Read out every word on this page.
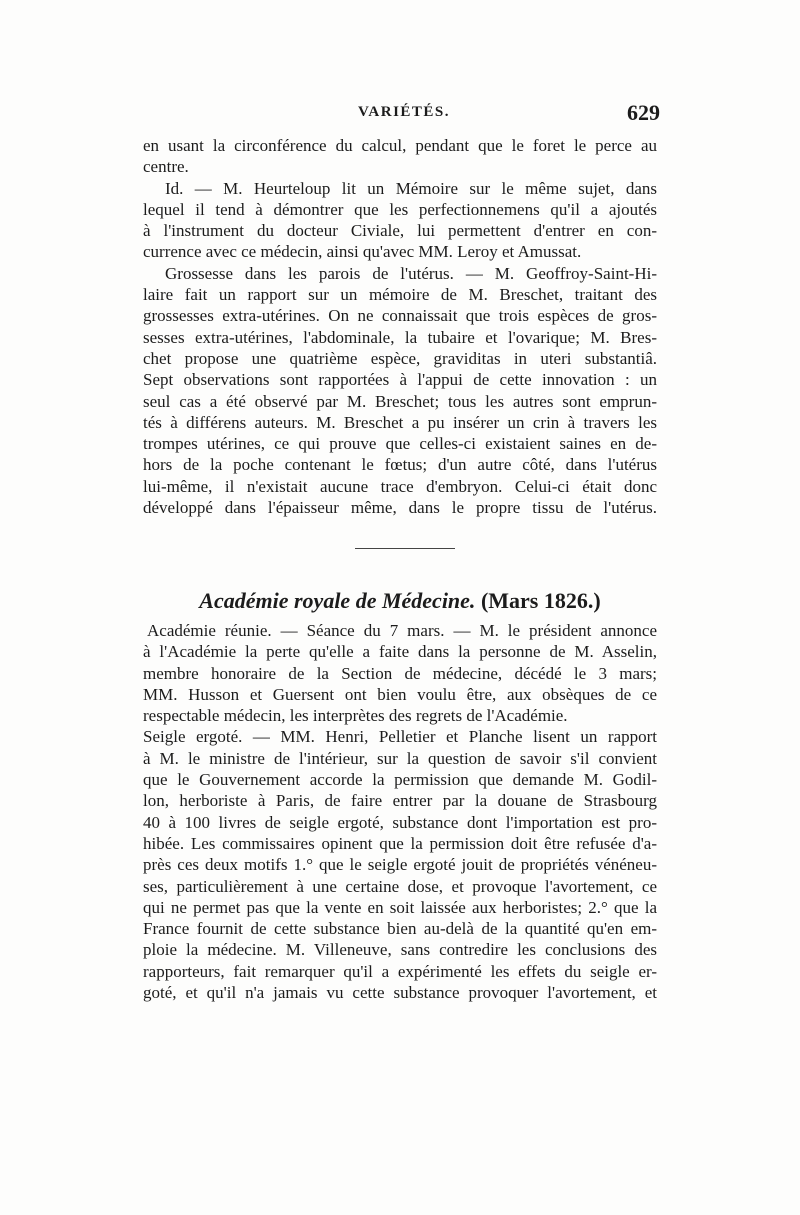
VARIÉTÉS.	629
en usant la circonférence du calcul, pendant que le foret le perce au
centre.
Id. — M. Heurteloup lit un Mémoire sur le même sujet, dans
lequel il tend à démontrer que les perfectionnemens qu'il a ajoutés
à l'instrument du docteur Civiale, lui permettent d'entrer en con-
currence avec ce médecin, ainsi qu'avec MM. Leroy et Amussat.
Grossesse dans les parois de l'utérus. — M. Geoffroy-Saint-Hi-
laire fait un rapport sur un mémoire de M. Breschet, traitant des
grossesses extra-utérines. On ne connaissait que trois espèces de gros-
sesses extra-utérines, l'abdominale, la tubaire et l'ovarique; M. Bres-
chet propose une quatrième espèce, graviditas in uteri substantiâ.
Sept observations sont rapportées à l'appui de cette innovation : un
seul cas a été observé par M. Breschet; tous les autres sont emprun-
tés à différens auteurs. M. Breschet a pu insérer un crin à travers les
trompes utérines, ce qui prouve que celles-ci existaient saines en de-
hors de la poche contenant le fœtus; d'un autre côté, dans l'utérus
lui-même, il n'existait aucune trace d'embryon. Celui-ci était donc
développé dans l'épaisseur même, dans le propre tissu de l'utérus.
Académie royale de Médecine. (Mars 1826.)
Académie réunie. — Séance du 7 mars. — M. le président annonce
à l'Académie la perte qu'elle a faite dans la personne de M. Asselin,
membre honoraire de la Section de médecine, décédé le 3 mars;
MM. Husson et Guersent ont bien voulu être, aux obsèques de ce
respectable médecin, les interprètes des regrets de l'Académie.
Seigle ergoté. — MM. Henri, Pelletier et Planche lisent un rapport
à M. le ministre de l'intérieur, sur la question de savoir s'il convient
que le Gouvernement accorde la permission que demande M. Godil-
lon, herboriste à Paris, de faire entrer par la douane de Strasbourg
40 à 100 livres de seigle ergoté, substance dont l'importation est pro-
hibée. Les commissaires opinent que la permission doit être refusée d'a-
près ces deux motifs 1.° que le seigle ergoté jouit de propriétés vénéneu-
ses, particulièrement à une certaine dose, et provoque l'avortement, ce
qui ne permet pas que la vente en soit laissée aux herboristes; 2.° que la
France fournit de cette substance bien au-delà de la quantité qu'en em-
ploie la médecine. M. Villeneuve, sans contredire les conclusions des
rapporteurs, fait remarquer qu'il a expérimenté les effets du seigle er-
goté, et qu'il n'a jamais vu cette substance provoquer l'avortement, et
